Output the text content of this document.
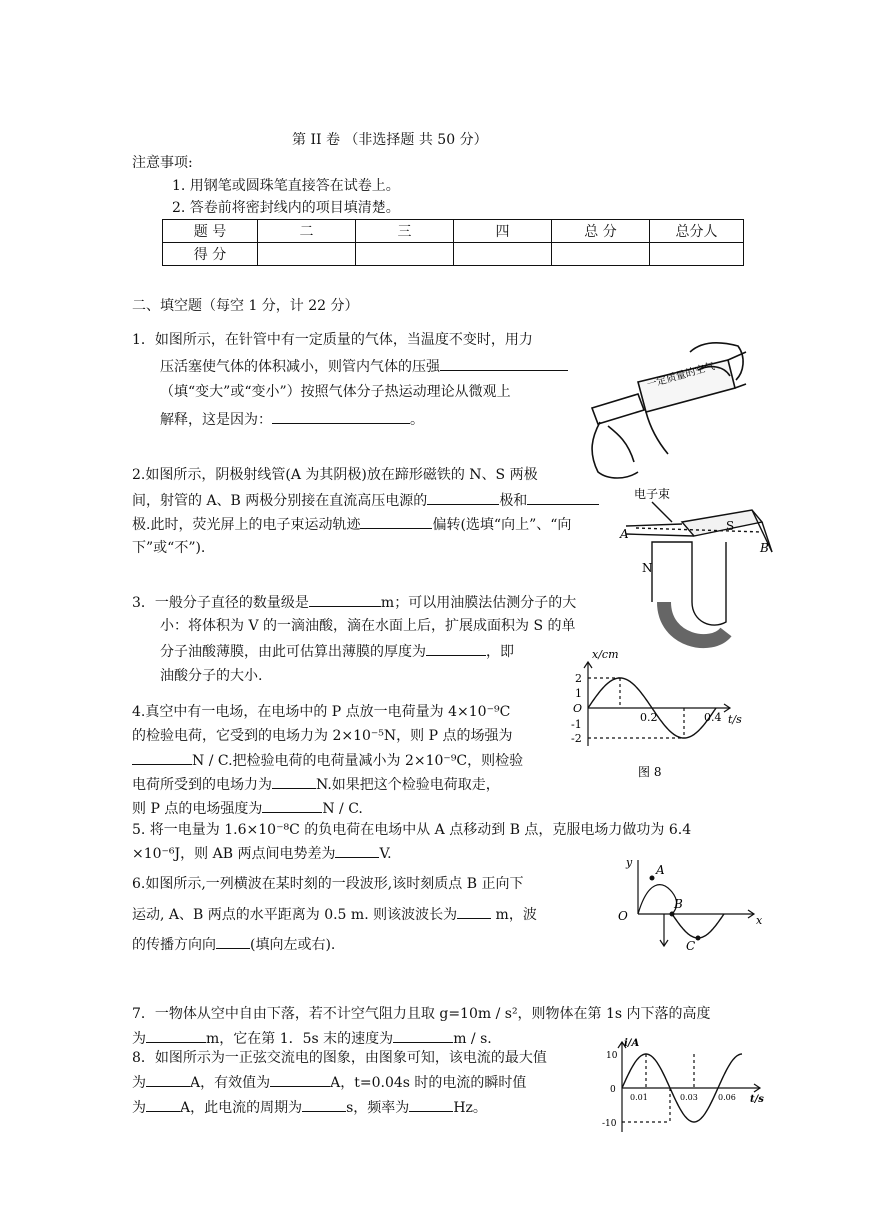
第 II 卷 （非选择题 共 50 分）
注意事项:
1. 用钢笔或圆珠笔直接答在试卷上。
2. 答卷前将密封线内的项目填清楚。
题 号	二	三	四	总 分	总分人
得 分					
二、填空题（每空 1 分，计 22 分）
1．如图所示，在针管中有一定质量的气体，当温度不变时，用力
压活塞使气体的体积减小，则管内气体的压强
（填“变大”或“变小”）按照气体分子热运动理论从微观上
解释，这是因为：	。
一定质量的空气
2.如图所示，阴极射线管(A 为其阴极)放在蹄形磁铁的 N、S 两极
间，射管的 A、B 两极分别接在直流高压电源的	极和
极.此时，荧光屏上的电子束运动轨迹	偏转(选填“向上”、“向
下”或“不”).
电子束
A
B
S
N
3．一般分子直径的数量级是	m；可以用油膜法估测分子的大
小：将体积为 V 的一滴油酸，滴在水面上后，扩展成面积为 S 的单
分子油酸薄膜，由此可估算出薄膜的厚度为	，即
油酸分子的大小.
x/cm
t/s
O
2
1
-1
-2
0.2	0.4
图 8
4.真空中有一电场，在电场中的 P 点放一电荷量为 4×10⁻⁹C
的检验电荷，它受到的电场力为 2×10⁻⁵N，则 P 点的场强为
N / C.把检验电荷的电荷量减小为 2×10⁻⁹C，则检验
电荷所受到的电场力为	N.如果把这个检验电荷取走，
则 P 点的电场强度为	N / C.
5. 将一电量为 1.6×10⁻⁸C 的负电荷在电场中从 A 点移动到 B 点，克服电场力做功为 6.4
×10⁻⁶J，则 AB 两点间电势差为	V.
6.如图所示,一列横波在某时刻的一段波形,该时刻质点 B 正向下
运动, A、B 两点的水平距离为 0.5 m. 则该波波长为 m，波
的传播方向向 (填向左或右).
y
x
O
A
B
C
7．一物体从空中自由下落，若不计空气阻力且取 g=10m / s²，则物体在第 1s 内下落的高度
为	m，它在第 1．5s 末的速度为	m / s.
8．如图所示为一正弦交流电的图象，由图象可知，该电流的最大值
为	A，有效值为	A，t=0.04s 时的电流的瞬时值
为 A，此电流的周期为	s，频率为	Hz。
i/A
t/s
0
10
-10
0.01	0.03	0.06
